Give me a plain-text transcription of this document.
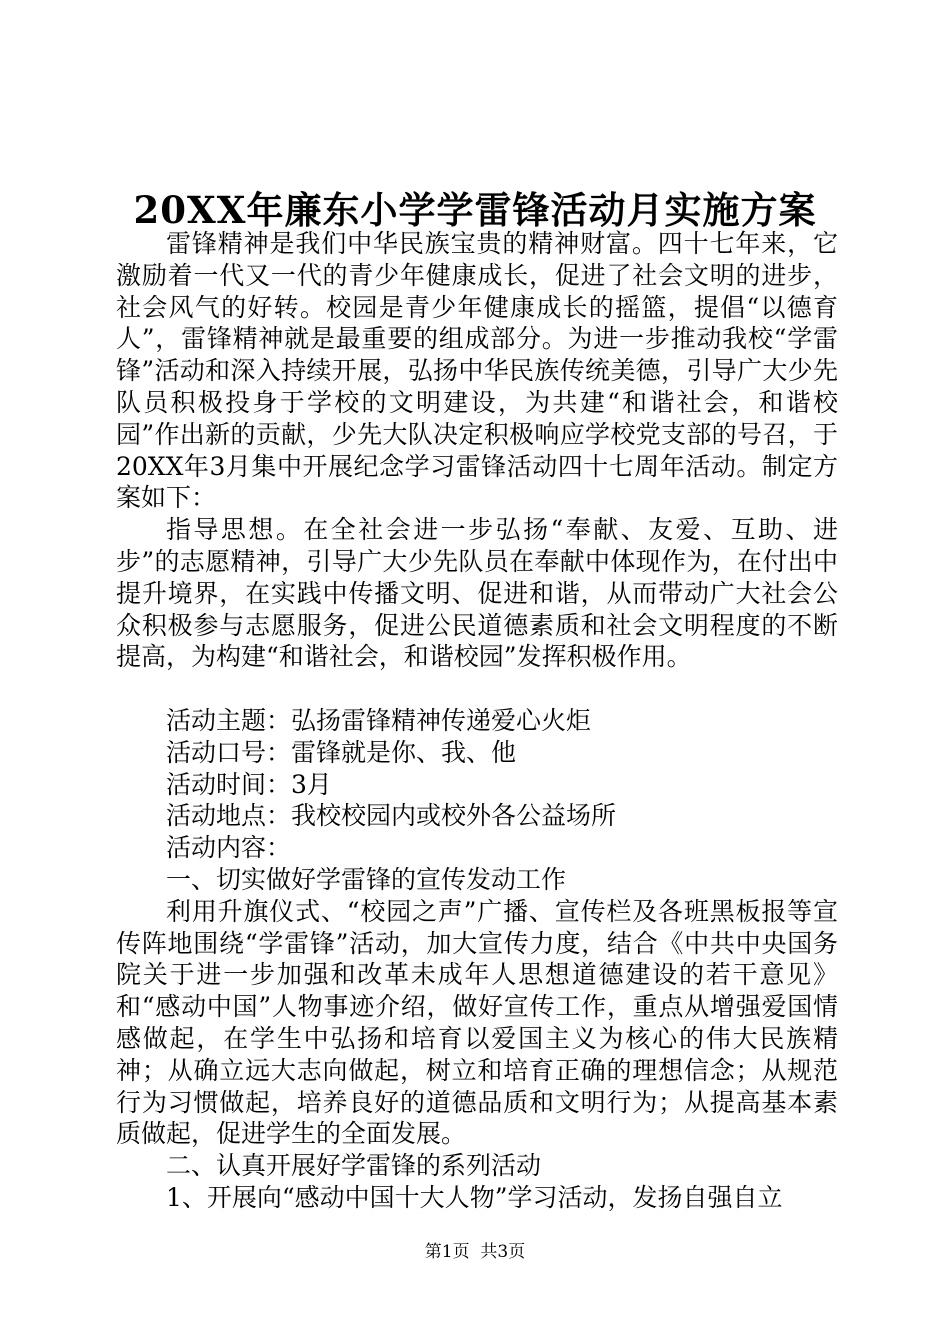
20XX年廉东小学学雷锋活动月实施方案

雷锋精神是我们中华民族宝贵的精神财富。四十七年来，它激励着一代又一代的青少年健康成长，促进了社会文明的进步，社会风气的好转。校园是青少年健康成长的摇篮，提倡“以德育人”，雷锋精神就是最重要的组成部分。为进一步推动我校“学雷锋”活动和深入持续开展，弘扬中华民族传统美德，引导广大少先队员积极投身于学校的文明建设，为共建“和谐社会，和谐校园”作出新的贡献，少先大队决定积极响应学校党支部的号召，于20XX年3月集中开展纪念学习雷锋活动四十七周年活动。制定方案如下：

指导思想。在全社会进一步弘扬“奉献、友爱、互助、进步”的志愿精神，引导广大少先队员在奉献中体现作为，在付出中提升境界，在实践中传播文明、促进和谐，从而带动广大社会公众积极参与志愿服务，促进公民道德素质和社会文明程度的不断提高，为构建“和谐社会，和谐校园”发挥积极作用。

活动主题：弘扬雷锋精神传递爱心火炬

活动口号：雷锋就是你、我、他

活动时间：3月

活动地点：我校校园内或校外各公益场所

活动内容：

一、切实做好学雷锋的宣传发动工作

利用升旗仪式、“校园之声”广播、宣传栏及各班黑板报等宣传阵地围绕“学雷锋”活动，加大宣传力度，结合《中共中央国务院关于进一步加强和改革未成年人思想道德建设的若干意见》和“感动中国”人物事迹介绍，做好宣传工作，重点从增强爱国情感做起，在学生中弘扬和培育以爱国主义为核心的伟大民族精神；从确立远大志向做起，树立和培育正确的理想信念；从规范行为习惯做起，培养良好的道德品质和文明行为；从提高基本素质做起，促进学生的全面发展。

二、认真开展好学雷锋的系列活动

1、开展向“感动中国十大人物”学习活动，发扬自强自立

第1页 共3页
